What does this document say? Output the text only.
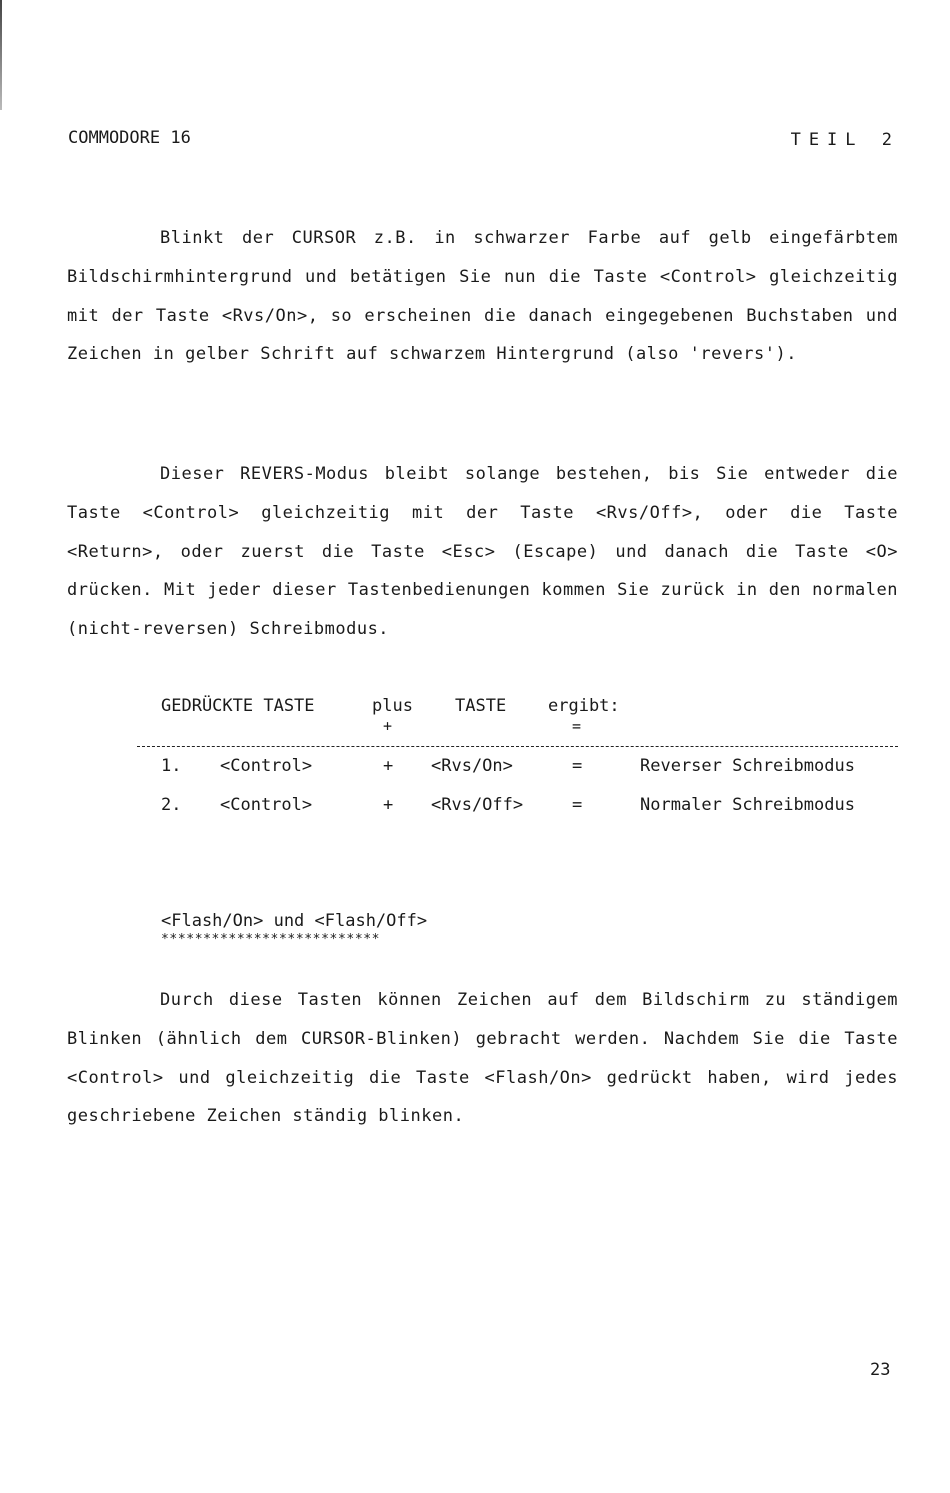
COMMODORE 16	TEIL 2
Blinkt der CURSOR z.B. in schwarzer Farbe auf gelb eingefärbtem Bildschirmhintergrund und betätigen Sie nun die Taste <Control> gleichzeitig mit der Taste <Rvs/On>, so erscheinen die danach eingegebenen Buchstaben und Zeichen in gelber Schrift auf schwarzem Hintergrund (also 'revers').
Dieser REVERS-Modus bleibt solange bestehen, bis Sie entweder die Taste <Control> gleichzeitig mit der Taste <Rvs/Off>, oder die Taste <Return>, oder zuerst die Taste <Esc> (Escape) und danach die Taste <O> drücken. Mit jeder dieser Tastenbedienungen kommen Sie zurück in den normalen (nicht-reversen) Schreibmodus.
GEDRÜCKTE TASTE	plus TASTE ergibt:
+	=
1. <Control>	+ <Rvs/On>	=	Reverser Schreibmodus
2. <Control>	+ <Rvs/Off>	=	Normaler Schreibmodus
<Flash/On> und <Flash/Off>
**************************
Durch diese Tasten können Zeichen auf dem Bildschirm zu ständigem Blinken (ähnlich dem CURSOR-Blinken) gebracht werden. Nachdem Sie die Taste <Control> und gleichzeitig die Taste <Flash/On> gedrückt haben, wird jedes geschriebene Zeichen ständig blinken.
23
